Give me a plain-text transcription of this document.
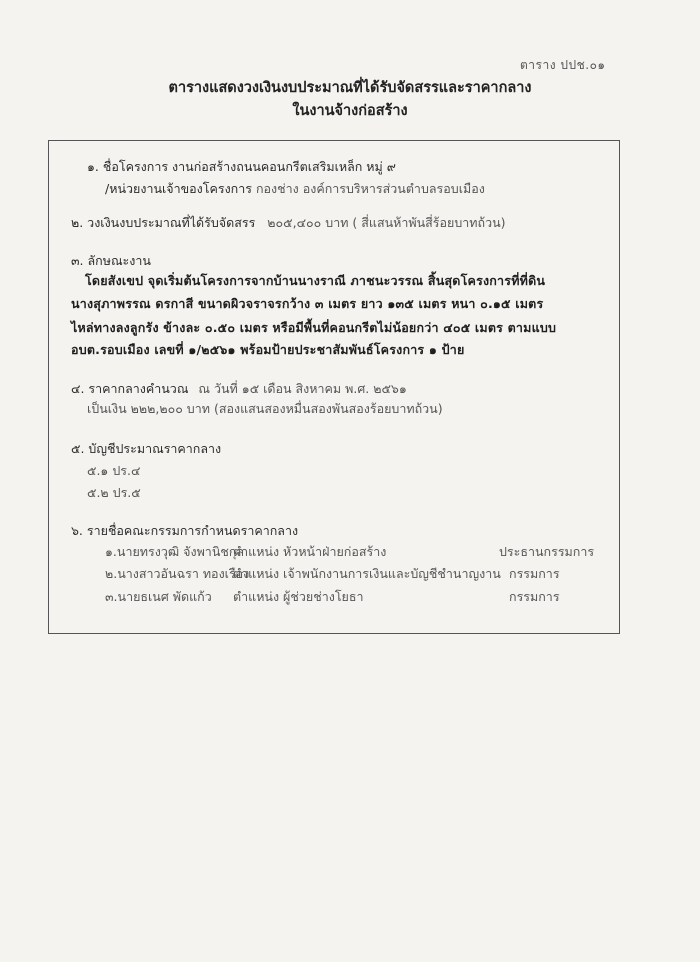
ตาราง ปปช.๐๑
ตารางแสดงวงเงินงบประมาณที่ได้รับจัดสรรและราคากลาง
ในงานจ้างก่อสร้าง
๑. ชื่อโครงการ งานก่อสร้างถนนคอนกรีตเสริมเหล็ก หมู่ ๙
/หน่วยงานเจ้าของโครงการ กองช่าง องค์การบริหารส่วนตำบลรอบเมือง
๒. วงเงินงบประมาณที่ได้รับจัดสรร ๒๐๕,๔๐๐ บาท ( สี่แสนห้าพันสี่ร้อยบาทถ้วน)
๓. ลักษณะงาน
โดยสังเขป จุดเริ่มต้นโครงการจากบ้านนางราณี ภาชนะวรรณ สิ้นสุดโครงการที่ที่ดิน
นางสุภาพรรณ ดรกาสี ขนาดผิวจราจรกว้าง ๓ เมตร ยาว ๑๓๕ เมตร หนา ๐.๑๕ เมตร
ไหล่ทางลงลูกรัง ข้างละ ๐.๕๐ เมตร หรือมีพื้นที่คอนกรีตไม่น้อยกว่า ๔๐๕ เมตร ตามแบบ
อบต.รอบเมือง เลขที่ ๑/๒๕๖๑ พร้อมป้ายประชาสัมพันธ์โครงการ ๑ ป้าย
๔. ราคากลางคำนวณ ณ วันที่ ๑๕ เดือน สิงหาคม พ.ศ. ๒๕๖๑
เป็นเงิน ๒๒๒,๒๐๐ บาท (สองแสนสองหมื่นสองพันสองร้อยบาทถ้วน)
๕. บัญชีประมาณราคากลาง
๕.๑ ปร.๔
๕.๒ ปร.๕
๖. รายชื่อคณะกรรมการกำหนดราคากลาง
๑.นายทรงวุฒิ จังพานิชกุล
ตำแหน่ง หัวหน้าฝ่ายก่อสร้าง	ประธานกรรมการ
๒.นางสาวอันฉรา ทองเรือง
ตำแหน่ง เจ้าพนักงานการเงินและบัญชีชำนาญงาน กรรมการ
๓.นายธเนศ พัดแก้ว ตำแหน่ง ผู้ช่วยช่างโยธา	กรรมการ
